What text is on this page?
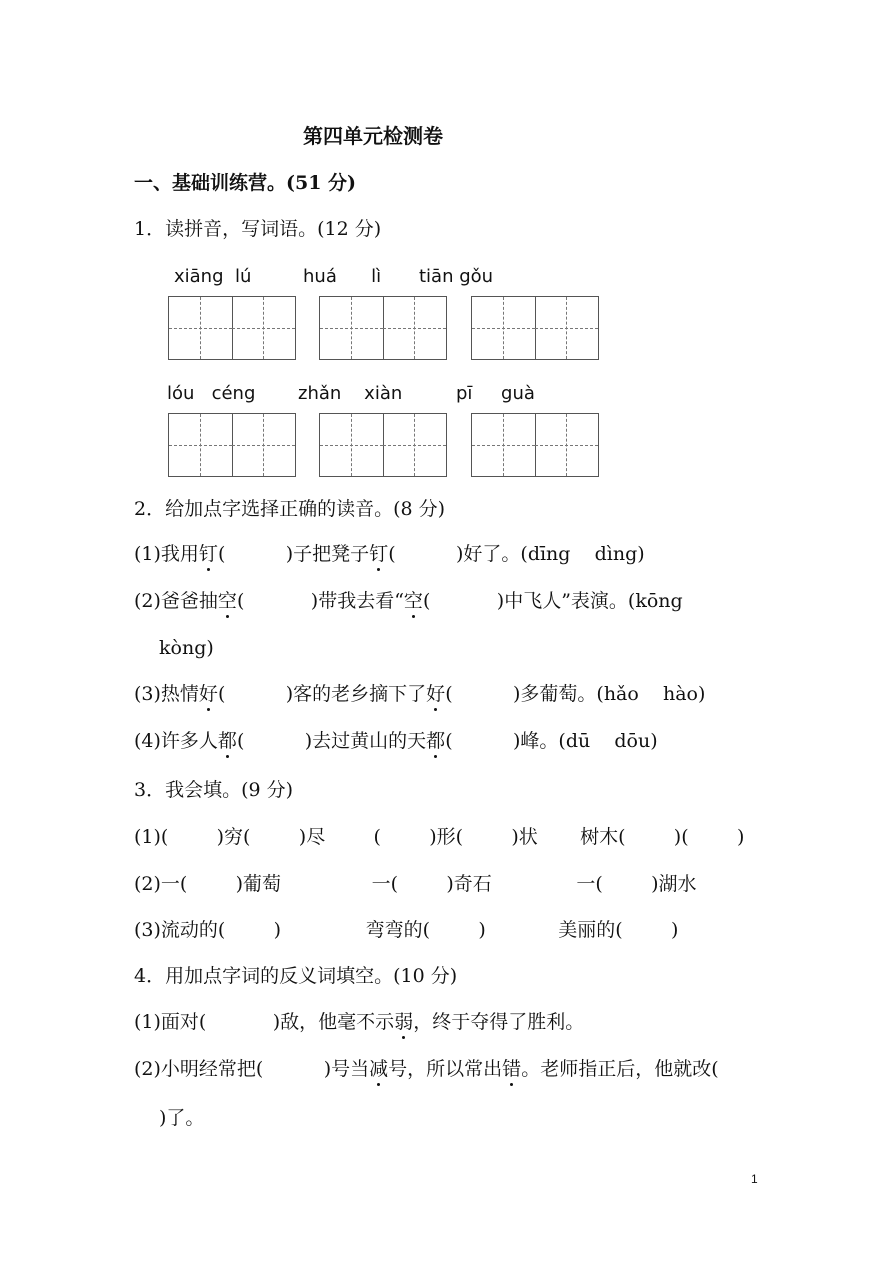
第四单元检测卷
一、基础训练营。(51 分)
1．读拼音，写词语。(12 分)
xiāng  lú	huá      lì tiān gǒu
lóu   céng zhǎn    xiàn	pī     guà
2．给加点字选择正确的读音。(8 分)
(1)我用钉(          )子把凳子钉(          )好了。(dīng    dìng)
(2)爸爸抽空(           )带我去看“空(           )中飞人”表演。(kōng
kòng)
(3)热情好(          )客的老乡摘下了好(          )多葡萄。(hǎo    hào)
(4)许多人都(          )去过黄山的天都(          )峰。(dū    dōu)
3．我会填。(9 分)
(1)(        )穷(        )尽        (        )形(        )状       树木(        )(        )
(2)一(        )葡萄               一(        )奇石              一(        )湖水
(3)流动的(        )              弯弯的(        )            美丽的(        )
4．用加点字词的反义词填空。(10 分)
(1)面对(           )敌，他毫不示弱，终于夺得了胜利。
(2)小明经常把(          )号当减号，所以常出错。老师指正后，他就改(
)了。
1
